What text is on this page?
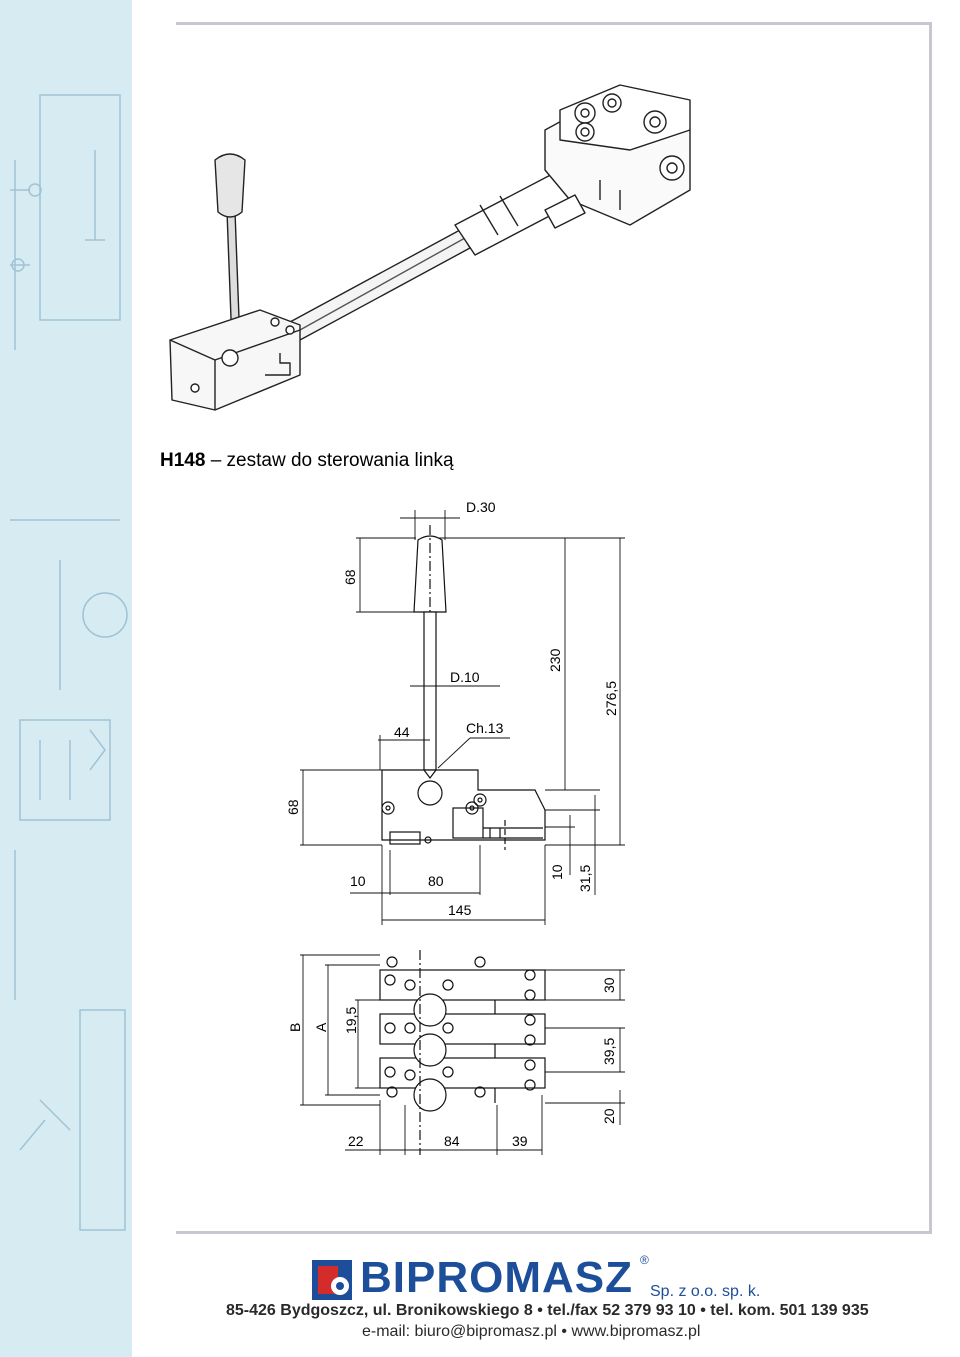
H148 – zestaw do sterowania linką
D.30
D.10
Ch.13
44
68
68
230
276,5
10	80
145
10 31,5
B A 19,5
30
39,5
20
22	84	39
BIPROMASZ ®
Sp. z o.o. sp. k.
85-426 Bydgoszcz, ul. Bronikowskiego 8 • tel./fax 52 379 93 10 • tel. kom. 501 139 935
e-mail: biuro@bipromasz.pl • www.bipromasz.pl
